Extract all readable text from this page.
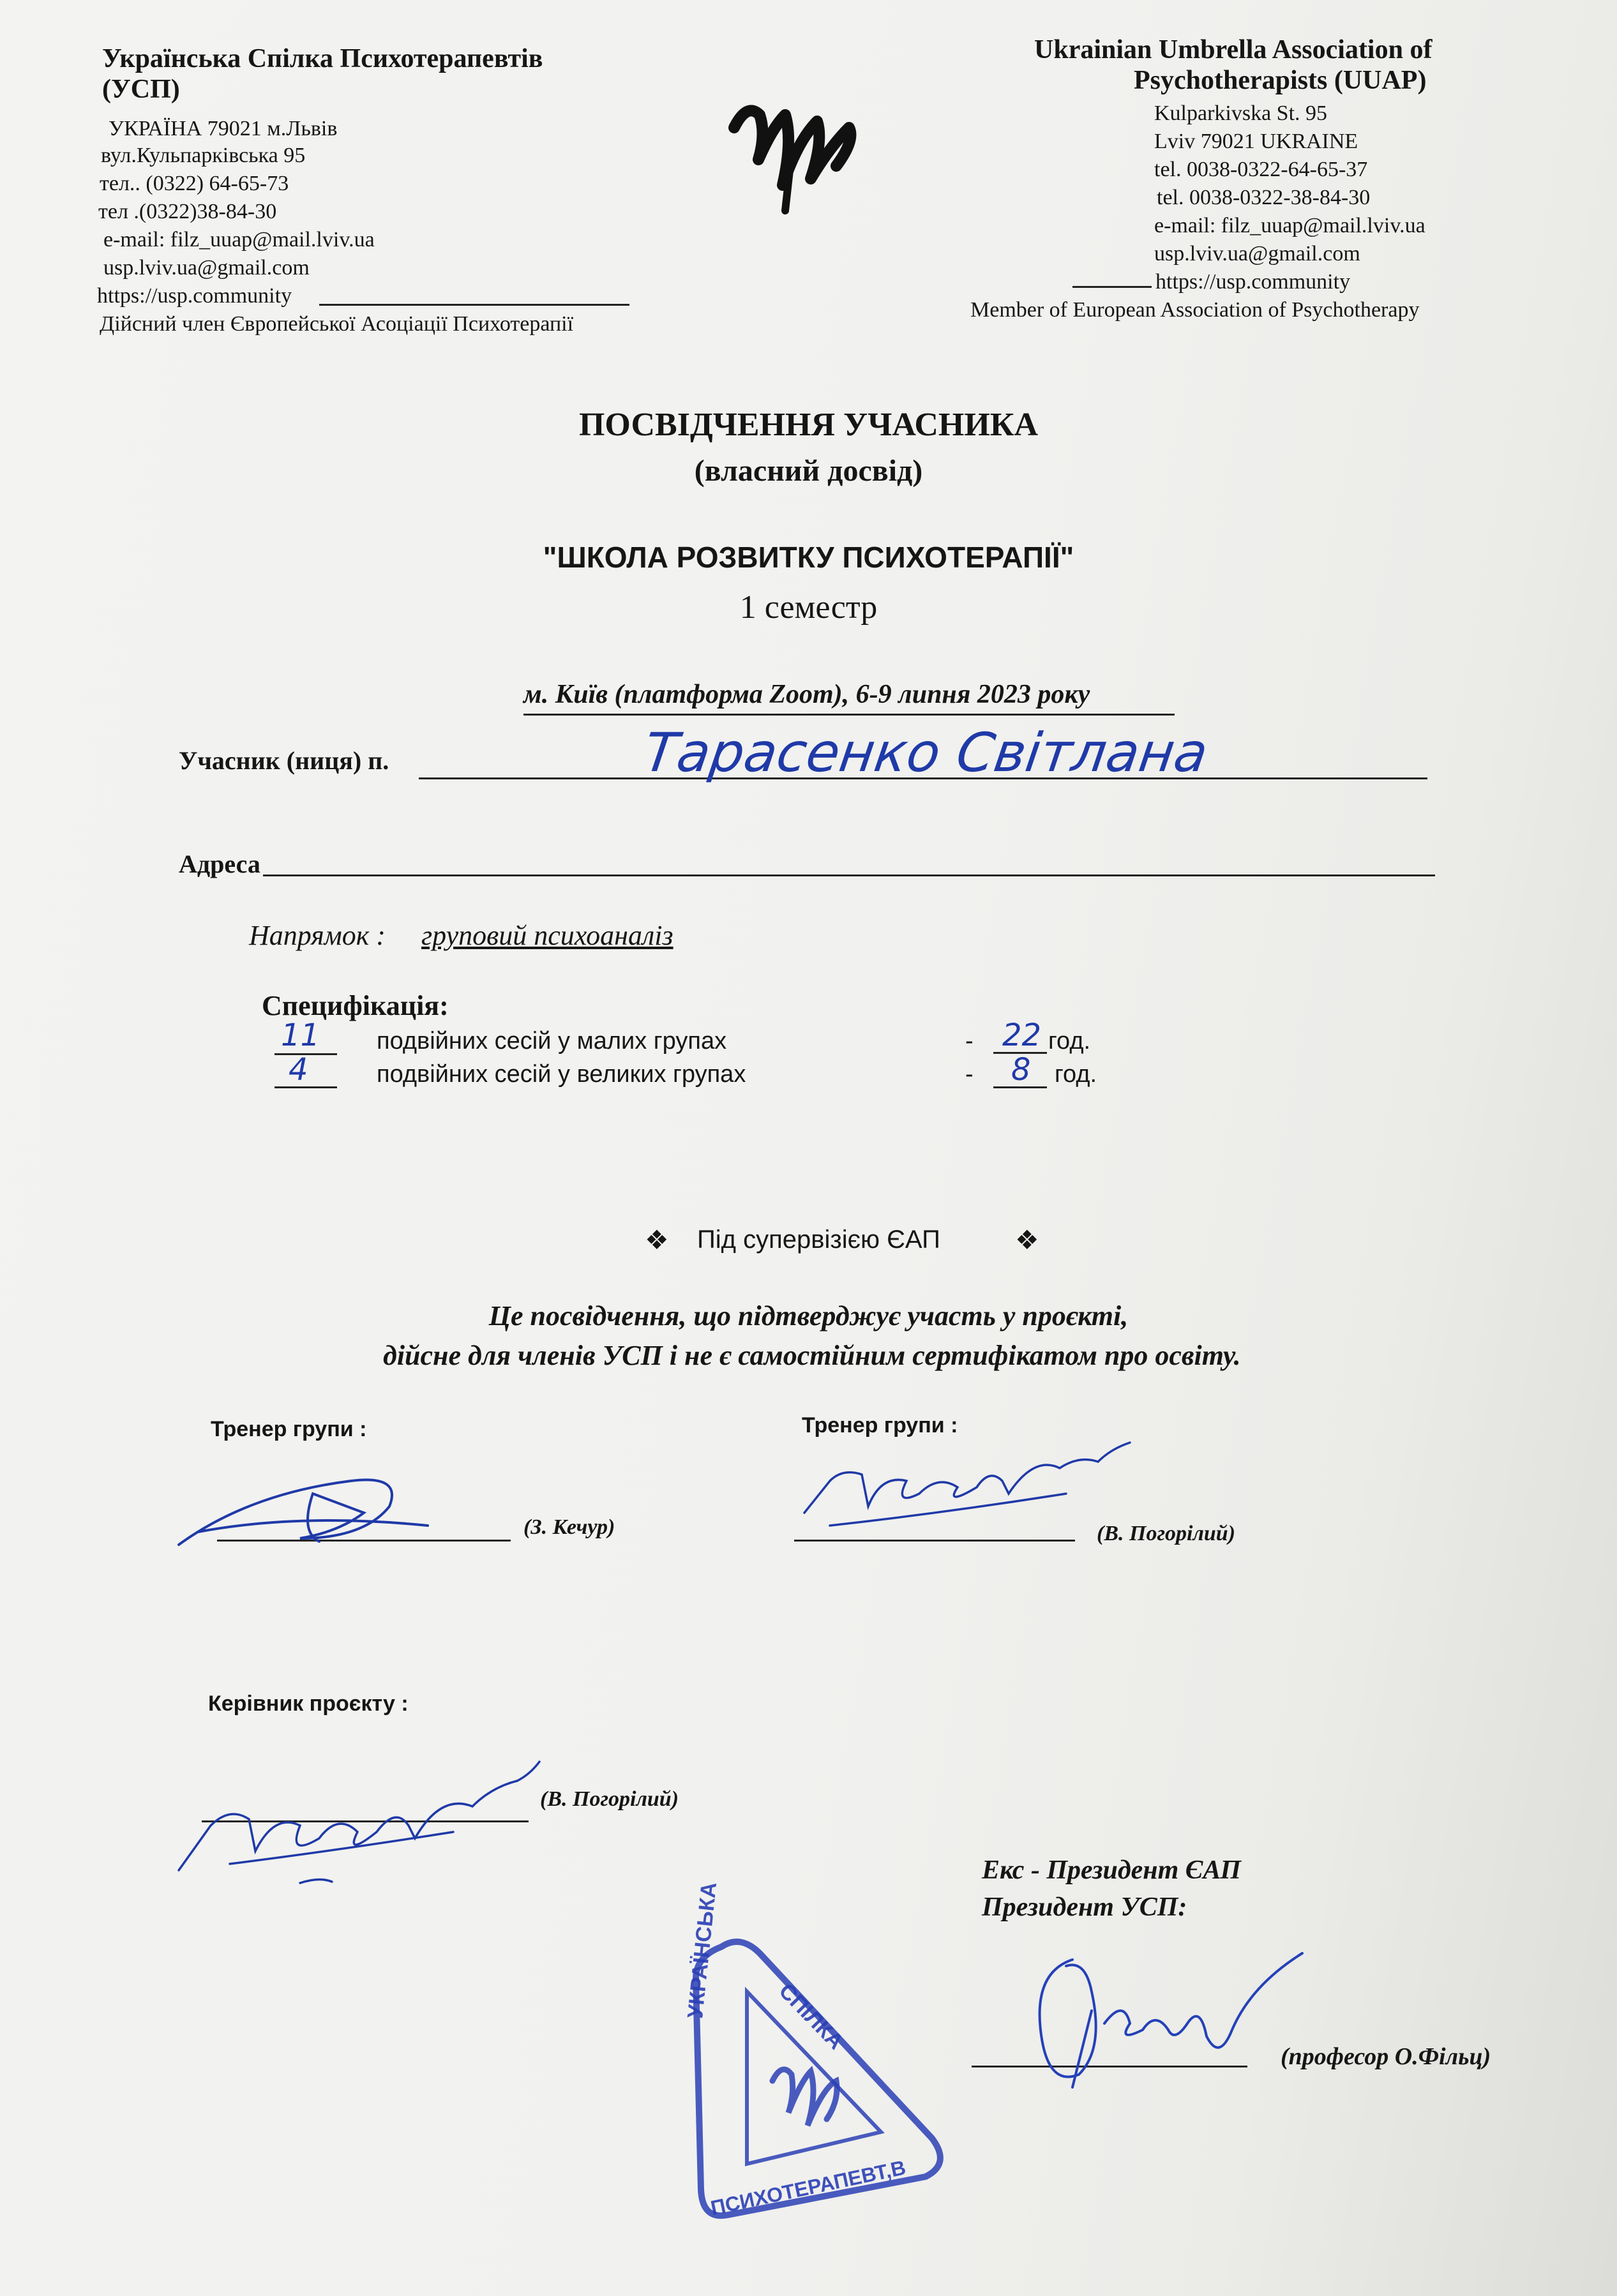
Українська Спілка Психотерапевтів
(УСП)
УКРАЇНА 79021 м.Львів
вул.Кульпарківська 95
тел.. (0322) 64-65-73
тел .(0322)38-84-30
e-mail: filz_uuap@mail.lviv.ua
usp.lviv.ua@gmail.com
https://usp.community
Дійсний член Європейської Асоціації Психотерапії
Ukrainian Umbrella Association of
Psychotherapists (UUAP)
Kulparkivska St. 95
Lviv 79021 UKRAINE
tel. 0038-0322-64-65-37
tel. 0038-0322-38-84-30
e-mail: filz_uuap@mail.lviv.ua
usp.lviv.ua@gmail.com
https://usp.community
Member of European Association of Psychotherapy
ПОСВІДЧЕННЯ УЧАСНИКА
(власний досвід)
"ШКОЛА РОЗВИТКУ ПСИХОТЕРАПІЇ"
1 семестр
м. Київ (платформа Zoom), 6-9 липня 2023 року
Учасник (ниця) п.	Тарасенко Світлана
Адреса
Напрямок : груповий психоаналіз
Специфікація:
11 подвійних сесій у малих групах	- 22 год.
4	подвійних сесій у великих групах	- 8 год.
❖ Під супервізією ЄАП	❖
Це посвідчення, що підтверджує участь у проєкті,
дійсне для членів УСП і не є самостійним сертифікатом про освіту.
Тренер групи :
(З. Кечур)
Тренер групи :
(В. Погорілий)
Керівник проєкту :
(В. Погорілий)
Екс - Президент ЄАП
Президент УСП:
(професор О.Фільц)
УКРАЇНСЬКА СПІЛКА
ПСИХОТЕРАПЕВТ,В
